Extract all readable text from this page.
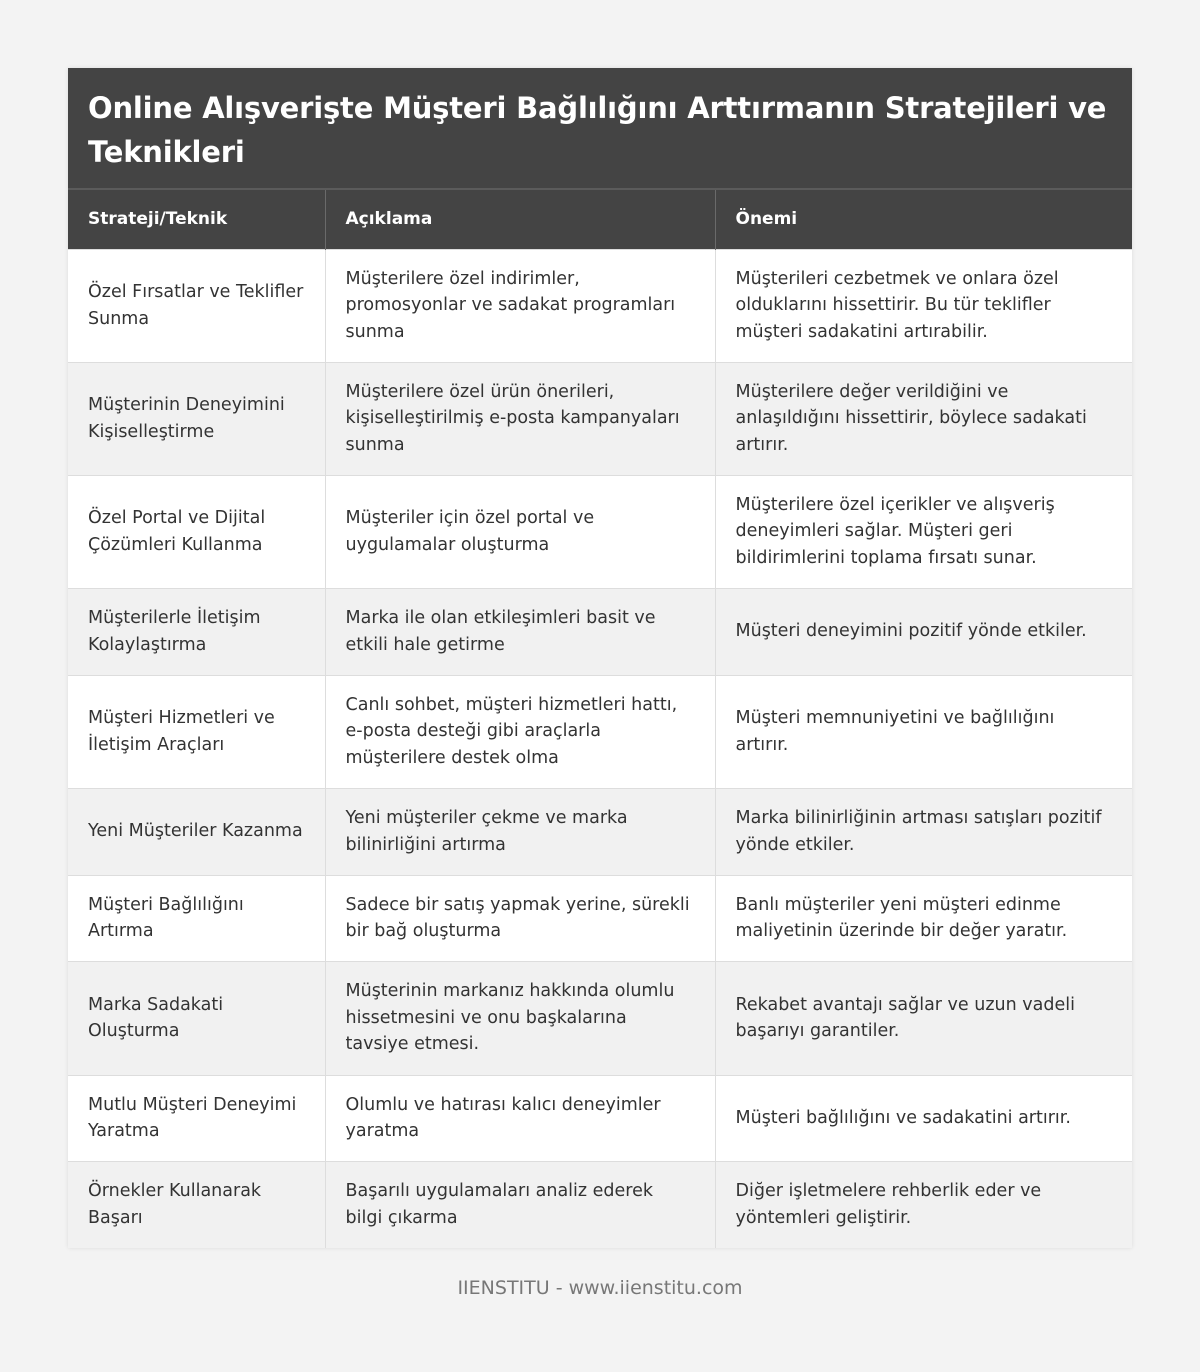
Online Alışverişte Müşteri Bağlılığını Arttırmanın Stratejileri ve Teknikleri
Strateji/Teknik	Açıklama	Önemi
Özel Fırsatlar ve Teklifler Sunma	Müşterilere özel indirimler, promosyonlar ve sadakat programları sunma	Müşterileri cezbetmek ve onlara özel olduklarını hissettirir. Bu tür teklifler müşteri sadakatini artırabilir.
Müşterinin Deneyimini Kişiselleştirme	Müşterilere özel ürün önerileri, kişiselleştirilmiş e-posta kampanyaları sunma	Müşterilere değer verildiğini ve anlaşıldığını hissettirir, böylece sadakati artırır.
Özel Portal ve Dijital Çözümleri Kullanma	Müşteriler için özel portal ve uygulamalar oluşturma	Müşterilere özel içerikler ve alışveriş deneyimleri sağlar. Müşteri geri bildirimlerini toplama fırsatı sunar.
Müşterilerle İletişim Kolaylaştırma	Marka ile olan etkileşimleri basit ve etkili hale getirme	Müşteri deneyimini pozitif yönde etkiler.
Müşteri Hizmetleri ve İletişim Araçları	Canlı sohbet, müşteri hizmetleri hattı, e-posta desteği gibi araçlarla müşterilere destek olma	Müşteri memnuniyetini ve bağlılığını artırır.
Yeni Müşteriler Kazanma	Yeni müşteriler çekme ve marka bilinirliğini artırma	Marka bilinirliğinin artması satışları pozitif yönde etkiler.
Müşteri Bağlılığını Artırma	Sadece bir satış yapmak yerine, sürekli bir bağ oluşturma	Banlı müşteriler yeni müşteri edinme maliyetinin üzerinde bir değer yaratır.
Marka Sadakati Oluşturma	Müşterinin markanız hakkında olumlu hissetmesini ve onu başkalarına tavsiye etmesi.	Rekabet avantajı sağlar ve uzun vadeli başarıyı garantiler.
Mutlu Müşteri Deneyimi Yaratma	Olumlu ve hatırası kalıcı deneyimler yaratma	Müşteri bağlılığını ve sadakatini artırır.
Örnekler Kullanarak Başarı	Başarılı uygulamaları analiz ederek bilgi çıkarma	Diğer işletmelere rehberlik eder ve yöntemleri geliştirir.
IIENSTITU - www.iienstitu.com
